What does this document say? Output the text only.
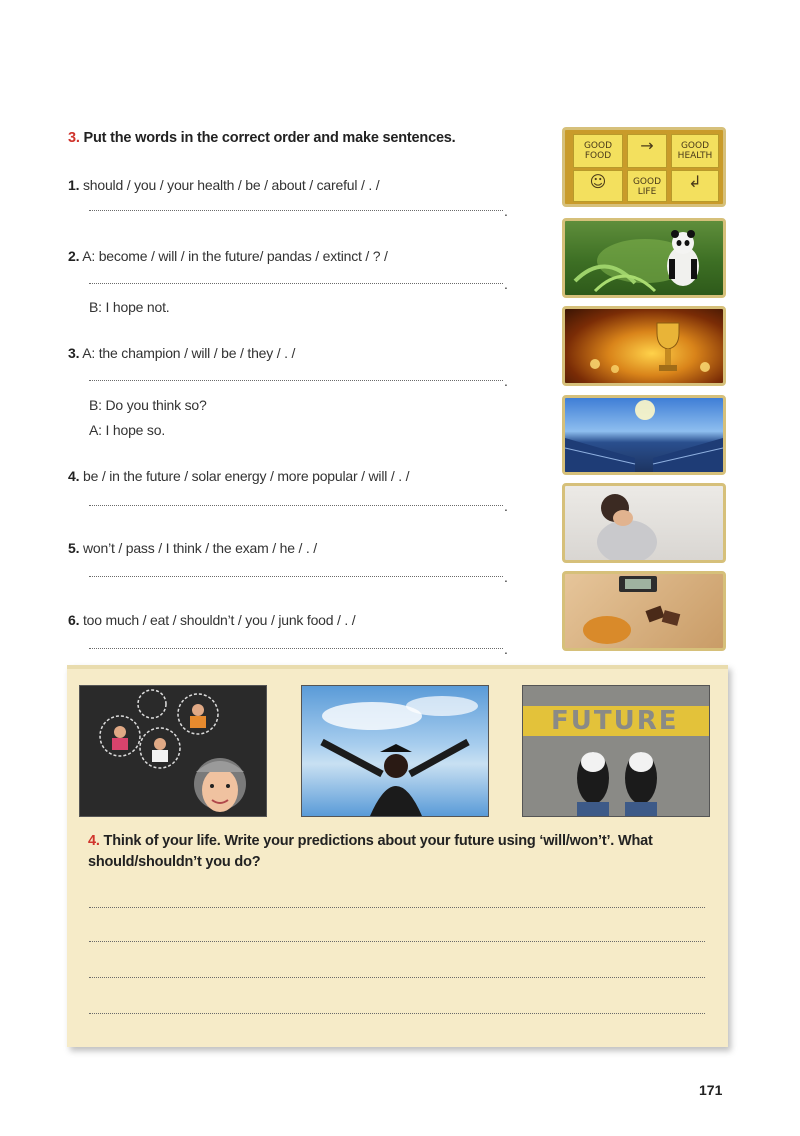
3. Put the words in the correct order and make sentences.
1. should / you / your health / be / about / careful / . /
.
2. A: become / will / in the future/ pandas / extinct / ? /
.
B: I hope not.
3. A: the champion / will / be / they / . /
.
B: Do you think so?
A: I hope so.
4. be / in the future / solar energy / more popular / will / . /
.
5. won’t / pass / I think / the exam / he / . /
.
6. too much / eat / shouldn’t / you / junk food / . /
.
GOOD FOOD
→	GOOD HEALTH
☺	GOOD LIFE
↲
FUTURE
4. Think of your life. Write your predictions about your future using ‘will/won’t’. What should/shouldn’t you do?
171
